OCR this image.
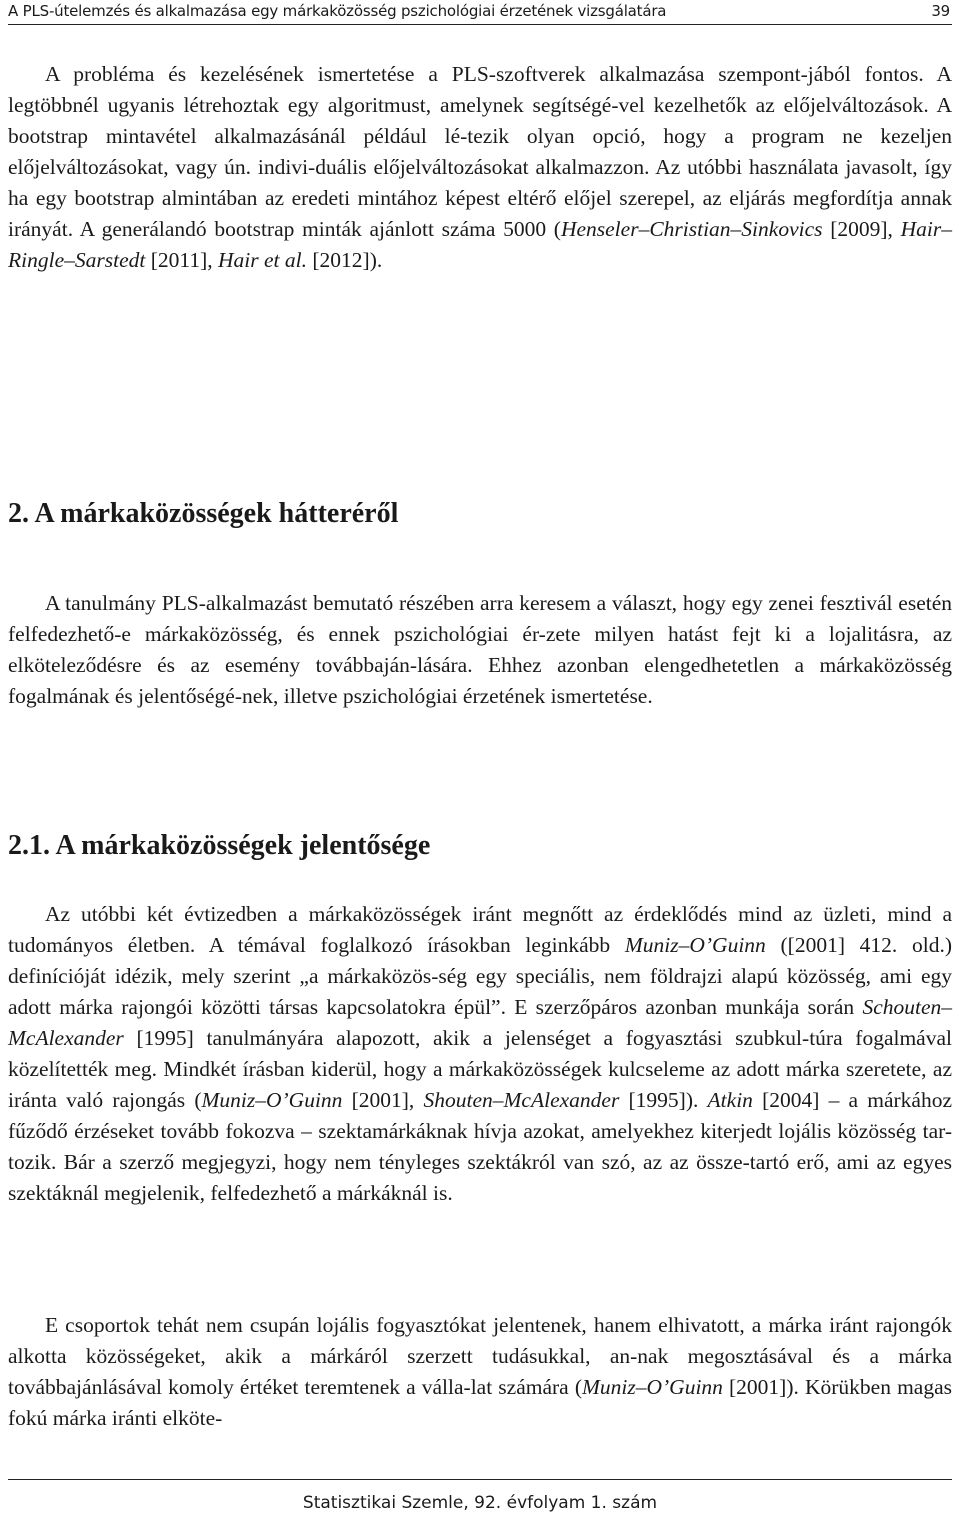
A PLS-útelemzés és alkalmazása egy márkaközösség pszichológiai érzetének vizsgálatára	39

A probléma és kezelésének ismertetése a PLS-szoftverek alkalmazása szempont-jából fontos. A legtöbbnél ugyanis létrehoztak egy algoritmust, amelynek segítségé-vel kezelhetők az előjelváltozások. A bootstrap mintavétel alkalmazásánál például lé-tezik olyan opció, hogy a program ne kezeljen előjelváltozásokat, vagy ún. indivi-duális előjelváltozásokat alkalmazzon. Az utóbbi használata javasolt, így ha egy bootstrap almintában az eredeti mintához képest eltérő előjel szerepel, az eljárás megfordítja annak irányát. A generálandó bootstrap minták ajánlott száma 5000 (Henseler–Christian–Sinkovics [2009], Hair–Ringle–Sarstedt [2011], Hair et al. [2012]).

2. A márkaközösségek hátteréről

A tanulmány PLS-alkalmazást bemutató részében arra keresem a választ, hogy egy zenei fesztivál esetén felfedezhető-e márkaközösség, és ennek pszichológiai ér-zete milyen hatást fejt ki a lojalitásra, az elköteleződésre és az esemény továbbaján-lására. Ehhez azonban elengedhetetlen a márkaközösség fogalmának és jelentőségé-nek, illetve pszichológiai érzetének ismertetése.

2.1. A márkaközösségek jelentősége

Az utóbbi két évtizedben a márkaközösségek iránt megnőtt az érdeklődés mind az üzleti, mind a tudományos életben. A témával foglalkozó írásokban leginkább Muniz–O’Guinn ([2001] 412. old.) definícióját idézik, mely szerint „a márkaközös-ség egy speciális, nem földrajzi alapú közösség, ami egy adott márka rajongói közötti társas kapcsolatokra épül”. E szerzőpáros azonban munkája során Schouten–McAlexander [1995] tanulmányára alapozott, akik a jelenséget a fogyasztási szubkul-túra fogalmával közelítették meg. Mindkét írásban kiderül, hogy a márkaközösségek kulcseleme az adott márka szeretete, az iránta való rajongás (Muniz–O’Guinn [2001], Shouten–McAlexander [1995]). Atkin [2004] – a márkához fűződő érzéseket tovább fokozva – szektamárkáknak hívja azokat, amelyekhez kiterjedt lojális közösség tar-tozik. Bár a szerző megjegyzi, hogy nem tényleges szektákról van szó, az az össze-tartó erő, ami az egyes szektáknál megjelenik, felfedezhető a márkáknál is.

E csoportok tehát nem csupán lojális fogyasztókat jelentenek, hanem elhivatott, a márka iránt rajongók alkotta közösségeket, akik a márkáról szerzett tudásukkal, an-nak megosztásával és a márka továbbajánlásával komoly értéket teremtenek a válla-lat számára (Muniz–O’Guinn [2001]). Körükben magas fokú márka iránti elköte-

Statisztikai Szemle, 92. évfolyam 1. szám
